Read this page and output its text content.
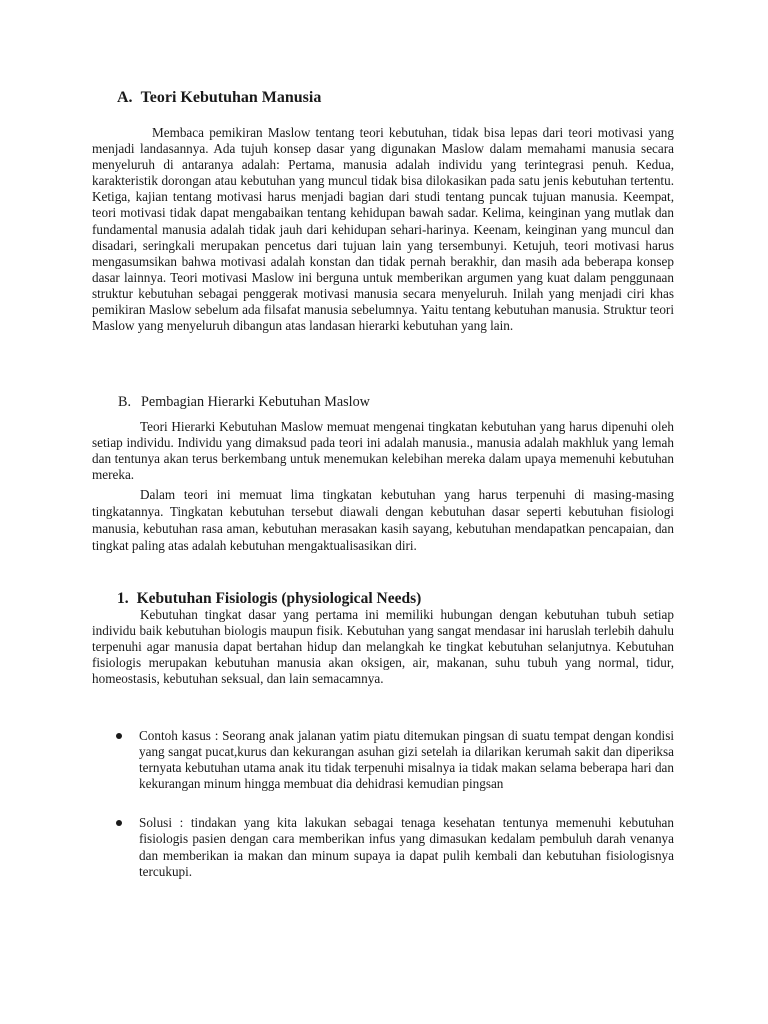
A. Teori Kebutuhan Manusia

Membaca pemikiran Maslow tentang teori kebutuhan, tidak bisa lepas dari teori motivasi yang menjadi landasannya. Ada tujuh konsep dasar yang digunakan Maslow dalam memahami manusia secara menyeluruh di antaranya adalah: Pertama, manusia adalah individu yang terintegrasi penuh. Kedua, karakteristik dorongan atau kebutuhan yang muncul tidak bisa dilokasikan pada satu jenis kebutuhan tertentu. Ketiga, kajian tentang motivasi harus menjadi bagian dari studi tentang puncak tujuan manusia. Keempat, teori motivasi tidak dapat mengabaikan tentang kehidupan bawah sadar. Kelima, keinginan yang mutlak dan fundamental manusia adalah tidak jauh dari kehidupan sehari-harinya. Keenam, keinginan yang muncul dan disadari, seringkali merupakan pencetus dari tujuan lain yang tersembunyi. Ketujuh, teori motivasi harus mengasumsikan bahwa motivasi adalah konstan dan tidak pernah berakhir, dan masih ada beberapa konsep dasar lainnya. Teori motivasi Maslow ini berguna untuk memberikan argumen yang kuat dalam penggunaan struktur kebutuhan sebagai penggerak motivasi manusia secara menyeluruh. Inilah yang menjadi ciri khas pemikiran Maslow sebelum ada filsafat manusia sebelumnya. Yaitu tentang kebutuhan manusia. Struktur teori Maslow yang menyeluruh dibangun atas landasan hierarki kebutuhan yang lain.

B. Pembagian Hierarki Kebutuhan Maslow

Teori Hierarki Kebutuhan Maslow memuat mengenai tingkatan kebutuhan yang harus dipenuhi oleh setiap individu. Individu yang dimaksud pada teori ini adalah manusia., manusia adalah makhluk yang lemah dan tentunya akan terus berkembang untuk menemukan kelebihan mereka dalam upaya memenuhi kebutuhan mereka.

Dalam teori ini memuat lima tingkatan kebutuhan yang harus terpenuhi di masing-masing tingkatannya. Tingkatan kebutuhan tersebut diawali dengan kebutuhan dasar seperti kebutuhan fisiologi manusia, kebutuhan rasa aman, kebutuhan merasakan kasih sayang, kebutuhan mendapatkan pencapaian, dan tingkat paling atas adalah kebutuhan mengaktualisasikan diri.

1. Kebutuhan Fisiologis (physiological Needs)

Kebutuhan tingkat dasar yang pertama ini memiliki hubungan dengan kebutuhan tubuh setiap individu baik kebutuhan biologis maupun fisik. Kebutuhan yang sangat mendasar ini haruslah terlebih dahulu terpenuhi agar manusia dapat bertahan hidup dan melangkah ke tingkat kebutuhan selanjutnya. Kebutuhan fisiologis merupakan kebutuhan manusia akan oksigen, air, makanan, suhu tubuh yang normal, tidur, homeostasis, kebutuhan seksual, dan lain semacamnya.

Contoh kasus : Seorang anak jalanan yatim piatu ditemukan pingsan di suatu tempat dengan kondisi yang sangat pucat,kurus dan kekurangan asuhan gizi setelah ia dilarikan kerumah sakit dan diperiksa ternyata kebutuhan utama anak itu tidak terpenuhi misalnya ia tidak makan selama beberapa hari dan kekurangan minum hingga membuat dia dehidrasi kemudian pingsan
Solusi : tindakan yang kita lakukan sebagai tenaga kesehatan tentunya memenuhi kebutuhan fisiologis pasien dengan cara memberikan infus yang dimasukan kedalam pembuluh darah venanya dan memberikan ia makan dan minum supaya ia dapat pulih kembali dan kebutuhan fisiologisnya tercukupi.
